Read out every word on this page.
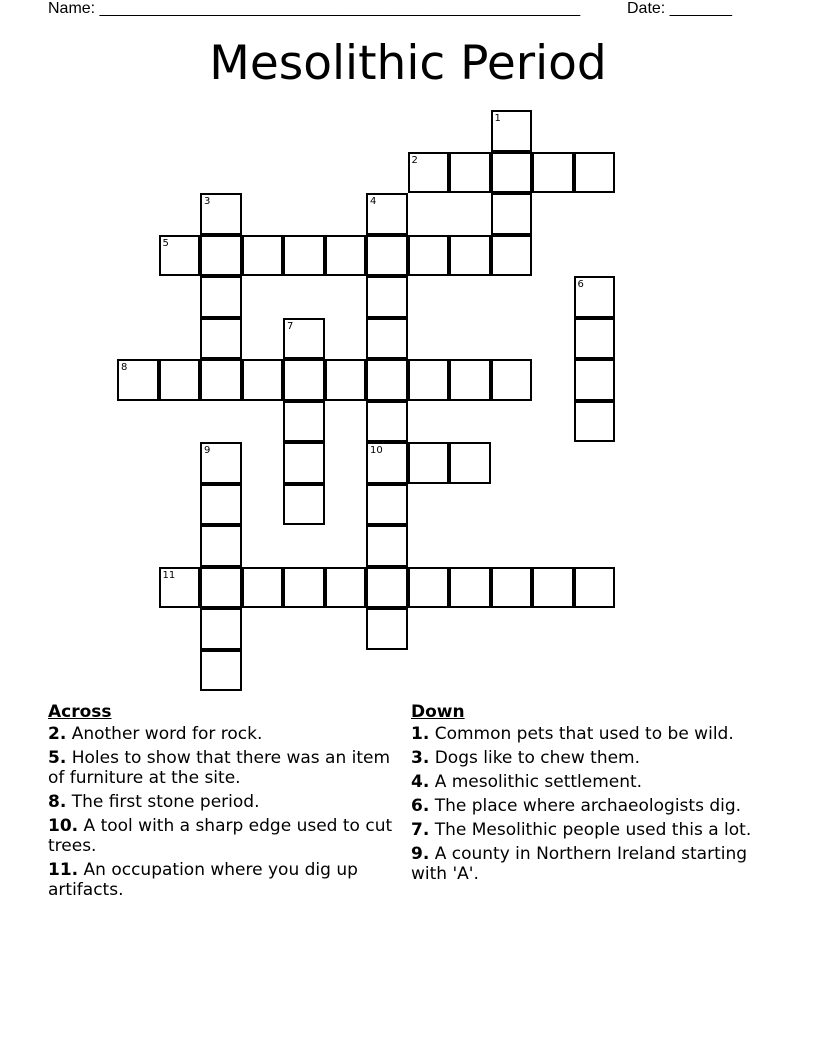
Name: ______________________________________________________	Date: _______
Mesolithic Period
1
2
3	4
10
5
6
7
8
9
11
Across
2. Another word for rock.
5. Holes to show that there was an item of furniture at the site.
8. The first stone period.
10. A tool with a sharp edge used to cut trees.
11. An occupation where you dig up artifacts.
Down
1. Common pets that used to be wild.
3. Dogs like to chew them.
4. A mesolithic settlement.
6. The place where archaeologists dig.
7. The Mesolithic people used this a lot.
9. A county in Northern Ireland starting with 'A'.
